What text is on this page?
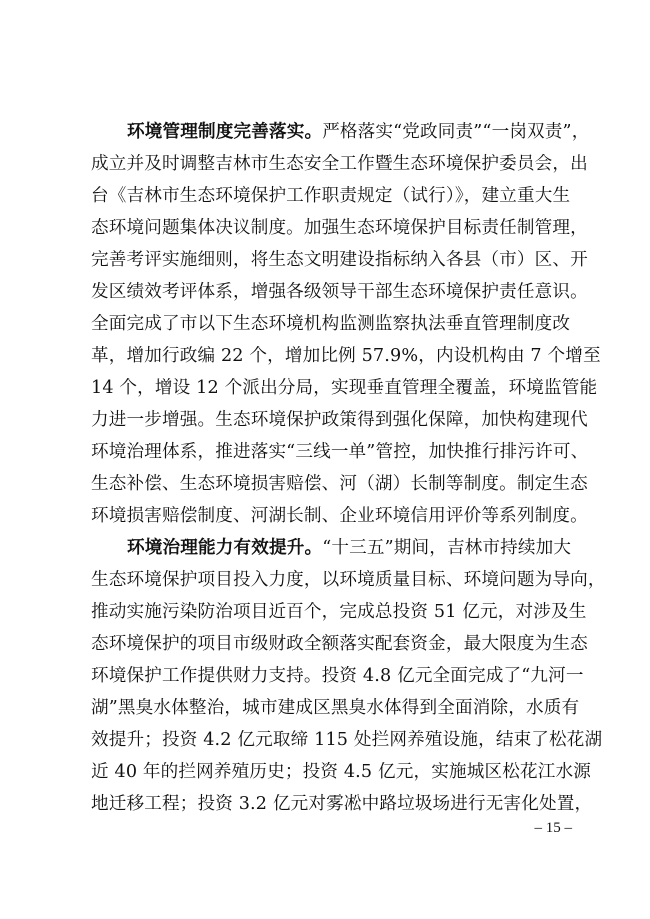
环境管理制度完善落实。严格落实“党政同责”“一岗双责”，
成立并及时调整吉林市生态安全工作暨生态环境保护委员会，出
台《吉林市生态环境保护工作职责规定（试行）》，建立重大生
态环境问题集体决议制度。加强生态环境保护目标责任制管理，
完善考评实施细则，将生态文明建设指标纳入各县（市）区、开
发区绩效考评体系，增强各级领导干部生态环境保护责任意识。
全面完成了市以下生态环境机构监测监察执法垂直管理制度改
革，增加行政编 22 个，增加比例 57.9%，内设机构由 7 个增至
14 个，增设 12 个派出分局，实现垂直管理全覆盖，环境监管能
力进一步增强。生态环境保护政策得到强化保障，加快构建现代
环境治理体系，推进落实“三线一单”管控，加快推行排污许可、
生态补偿、生态环境损害赔偿、河（湖）长制等制度。制定生态
环境损害赔偿制度、河湖长制、企业环境信用评价等系列制度。
环境治理能力有效提升。“十三五”期间，吉林市持续加大
生态环境保护项目投入力度，以环境质量目标、环境问题为导向，
推动实施污染防治项目近百个，完成总投资 51 亿元，对涉及生
态环境保护的项目市级财政全额落实配套资金，最大限度为生态
环境保护工作提供财力支持。投资 4.8 亿元全面完成了“九河一
湖”黑臭水体整治，城市建成区黑臭水体得到全面消除，水质有
效提升；投资 4.2 亿元取缔 115 处拦网养殖设施，结束了松花湖
近 40 年的拦网养殖历史；投资 4.5 亿元，实施城区松花江水源
地迁移工程；投资 3.2 亿元对雾凇中路垃圾场进行无害化处置，
– 15 –
